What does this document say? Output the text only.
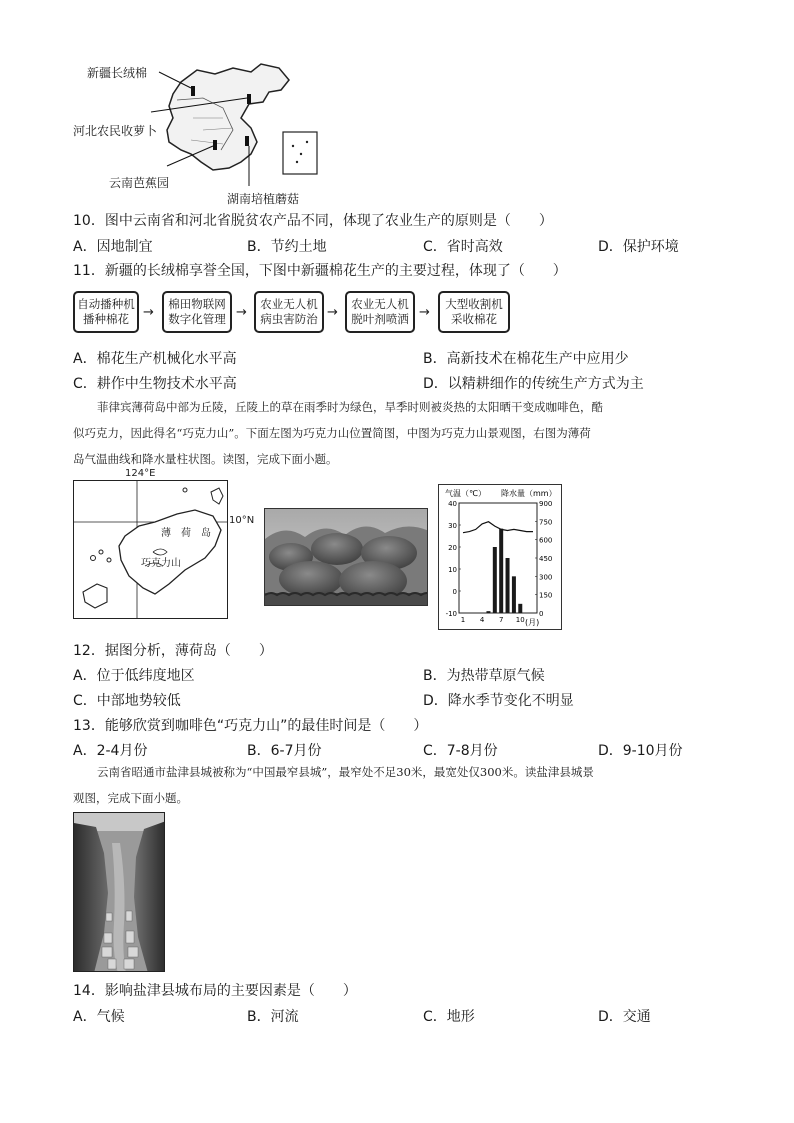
新疆长绒棉
河北农民收萝卜
云南芭蕉园
湖南培植蘑菇
10．图中云南省和河北省脱贫农产品不同，体现了农业生产的原则是（　　）
A．因地制宜	B．节约土地	C．省时高效	D．保护环境
11．新疆的长绒棉享誉全国，下图中新疆棉花生产的主要过程，体现了（　　）
自动播种机
播种棉花 →
棉田物联网
数字化管理 →
农业无人机
病虫害防治 →
农业无人机
脱叶剂喷洒 →
大型收割机
采收棉花
A．棉花生产机械化水平高	B．高新技术在棉花生产中应用少
C．耕作中生物技术水平高	D．以精耕细作的传统生产方式为主
菲律宾薄荷岛中部为丘陵，丘陵上的草在雨季时为绿色，旱季时则被炎热的太阳晒干变成咖啡色，酷
似巧克力，因此得名“巧克力山”。下面左图为巧克力山位置简图，中图为巧克力山景观图，右图为薄荷
岛气温曲线和降水量柱状图。读图，完成下面小题。
124°E
10°N
薄　荷　岛
巧克力山
气温（℃） 降水量（mm）
40
30
20
10
0
-10
900
750
600
450
300
150
0
1 4 7 10 (月)
12．据图分析，薄荷岛（　　）
A．位于低纬度地区	B．为热带草原气候
C．中部地势较低	D．降水季节变化不明显
13．能够欣赏到咖啡色“巧克力山”的最佳时间是（　　）
A．2-4月份	B．6-7月份	C．7-8月份	D．9-10月份
云南省昭通市盐津县城被称为“中国最窄县城”，最窄处不足30米，最宽处仅300米。读盐津县城景
观图，完成下面小题。
14．影响盐津县城布局的主要因素是（　　）
A．气候	B．河流	C．地形	D．交通
